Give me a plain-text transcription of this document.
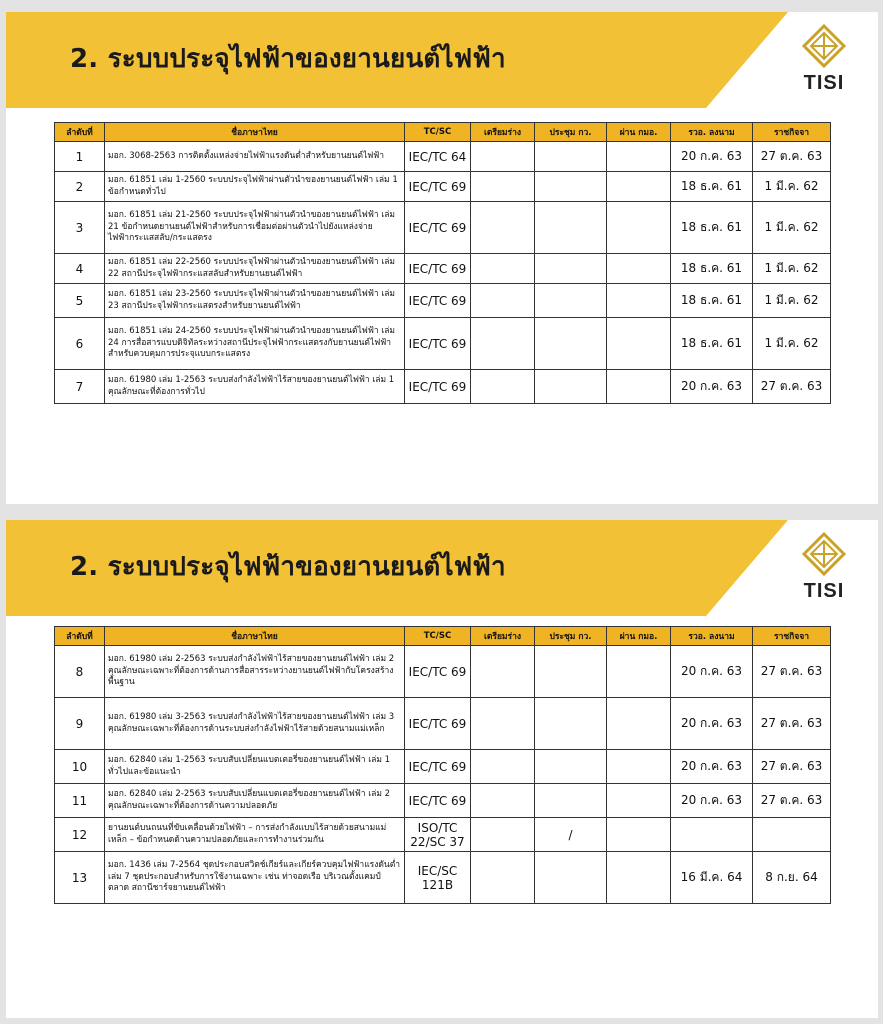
2. ระบบประจุไฟฟ้าของยานยนต์ไฟฟ้า
TISI
ลำดับที่	ชื่อภาษาไทย	TC/SC	เตรียมร่าง	ประชุม กว.	ผ่าน กมอ.	รวอ. ลงนาม	ราชกิจจา
1	มอก. 3068-2563 การติดตั้งแหล่งจ่ายไฟฟ้าแรงดันต่ำสำหรับยานยนต์ไฟฟ้า	IEC/TC 64				20 ก.ค. 63	27 ต.ค. 63
2	มอก. 61851 เล่ม 1-2560 ระบบประจุไฟฟ้าผ่านตัวนำของยานยนต์ไฟฟ้า เล่ม 1 ข้อกำหนดทั่วไป	IEC/TC 69				18 ธ.ค. 61	1 มี.ค. 62
3	มอก. 61851 เล่ม 21-2560 ระบบประจุไฟฟ้าผ่านตัวนำของยานยนต์ไฟฟ้า เล่ม 21 ข้อกำหนดยานยนต์ไฟฟ้าสำหรับการเชื่อมต่อผ่านตัวนำไปยังแหล่งจ่ายไฟฟ้ากระแสสลับ/กระแสตรง	IEC/TC 69				18 ธ.ค. 61	1 มี.ค. 62
4	มอก. 61851 เล่ม 22-2560 ระบบประจุไฟฟ้าผ่านตัวนำของยานยนต์ไฟฟ้า เล่ม 22 สถานีประจุไฟฟ้ากระแสสลับสำหรับยานยนต์ไฟฟ้า	IEC/TC 69				18 ธ.ค. 61	1 มี.ค. 62
5	มอก. 61851 เล่ม 23-2560 ระบบประจุไฟฟ้าผ่านตัวนำของยานยนต์ไฟฟ้า เล่ม 23 สถานีประจุไฟฟ้ากระแสตรงสำหรับยานยนต์ไฟฟ้า	IEC/TC 69				18 ธ.ค. 61	1 มี.ค. 62
6	มอก. 61851 เล่ม 24-2560 ระบบประจุไฟฟ้าผ่านตัวนำของยานยนต์ไฟฟ้า เล่ม 24 การสื่อสารแบบดิจิทัลระหว่างสถานีประจุไฟฟ้ากระแสตรงกับยานยนต์ไฟฟ้า สำหรับควบคุมการประจุแบบกระแสตรง	IEC/TC 69				18 ธ.ค. 61	1 มี.ค. 62
7	มอก. 61980 เล่ม 1-2563 ระบบส่งกำลังไฟฟ้าไร้สายของยานยนต์ไฟฟ้า เล่ม 1 คุณลักษณะที่ต้องการทั่วไป	IEC/TC 69				20 ก.ค. 63	27 ต.ค. 63
2. ระบบประจุไฟฟ้าของยานยนต์ไฟฟ้า
TISI
ลำดับที่	ชื่อภาษาไทย	TC/SC	เตรียมร่าง	ประชุม กว.	ผ่าน กมอ.	รวอ. ลงนาม	ราชกิจจา
8	มอก. 61980 เล่ม 2-2563 ระบบส่งกำลังไฟฟ้าไร้สายของยานยนต์ไฟฟ้า เล่ม 2 คุณลักษณะเฉพาะที่ต้องการด้านการสื่อสารระหว่างยานยนต์ไฟฟ้ากับโครงสร้างพื้นฐาน	IEC/TC 69				20 ก.ค. 63	27 ต.ค. 63
9	มอก. 61980 เล่ม 3-2563 ระบบส่งกำลังไฟฟ้าไร้สายของยานยนต์ไฟฟ้า เล่ม 3 คุณลักษณะเฉพาะที่ต้องการด้านระบบส่งกำลังไฟฟ้าไร้สายด้วยสนามแม่เหล็ก	IEC/TC 69				20 ก.ค. 63	27 ต.ค. 63
10	มอก. 62840 เล่ม 1-2563 ระบบสับเปลี่ยนแบตเตอรี่ของยานยนต์ไฟฟ้า เล่ม 1 ทั่วไปและข้อแนะนำ	IEC/TC 69				20 ก.ค. 63	27 ต.ค. 63
11	มอก. 62840 เล่ม 2-2563 ระบบสับเปลี่ยนแบตเตอรี่ของยานยนต์ไฟฟ้า เล่ม 2 คุณลักษณะเฉพาะที่ต้องการด้านความปลอดภัย	IEC/TC 69				20 ก.ค. 63	27 ต.ค. 63
12	ยานยนต์บนถนนที่ขับเคลื่อนด้วยไฟฟ้า – การส่งกำลังแบบไร้สายด้วยสนามแม่เหล็ก – ข้อกำหนดด้านความปลอดภัยและการทำงานร่วมกัน	ISO/TC 22/SC 37		/			
13	มอก. 1436 เล่ม 7-2564 ชุดประกอบสวิตช์เกียร์และเกียร์ควบคุมไฟฟ้าแรงดันต่ำ เล่ม 7 ชุดประกอบสำหรับการใช้งานเฉพาะ เช่น ท่าจอดเรือ บริเวณตั้งแคมป์ ตลาด สถานีชาร์จยานยนต์ไฟฟ้า	IEC/SC 121B				16 มี.ค. 64	8 ก.ย. 64
